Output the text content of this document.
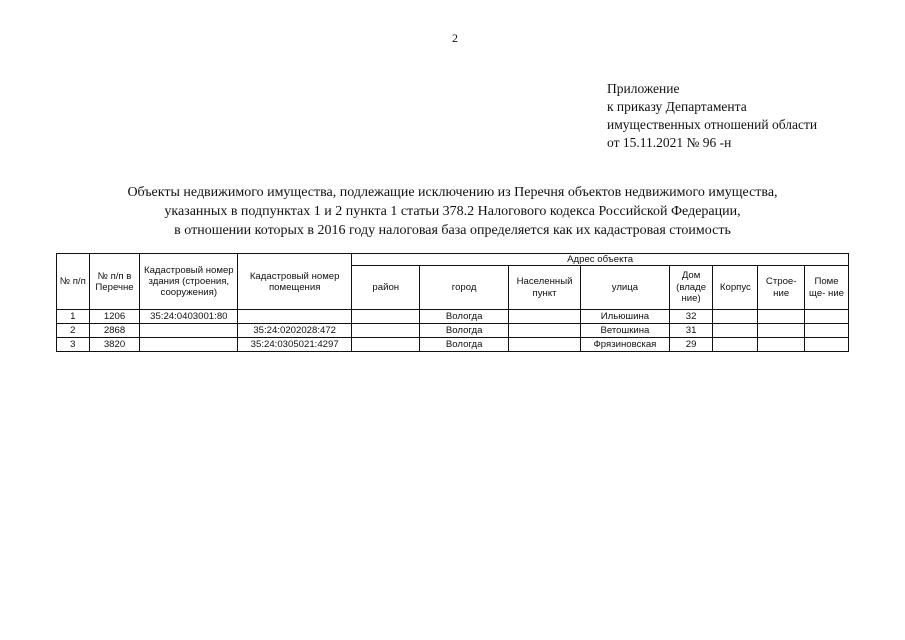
2
Приложение
к приказу Департамента
имущественных отношений области
от 15.11.2021 № 96 -н
Объекты недвижимого имущества, подлежащие исключению из Перечня объектов недвижимого имущества,
указанных в подпунктах 1 и 2 пункта 1 статьи 378.2 Налогового кодекса Российской Федерации,
в отношении которых в 2016 году налоговая база определяется как их кадастровая стоимость
№ п/п	№ п/п в Перечне	Кадастровый номер здания (строения, сооружения)	Кадастровый номер помещения	Адрес объекта							
				район	город	Населенный пункт	улица	Дом (владе ние)	Корпус	Строе- ние	Поме ще- ние
1	1206	35:24:0403001:80			Вологда		Ильюшина	32			
2	2868		35:24:0202028:472		Вологда		Ветошкина	31			
3	3820		35:24:0305021:4297		Вологда		Фрязиновская	29			
